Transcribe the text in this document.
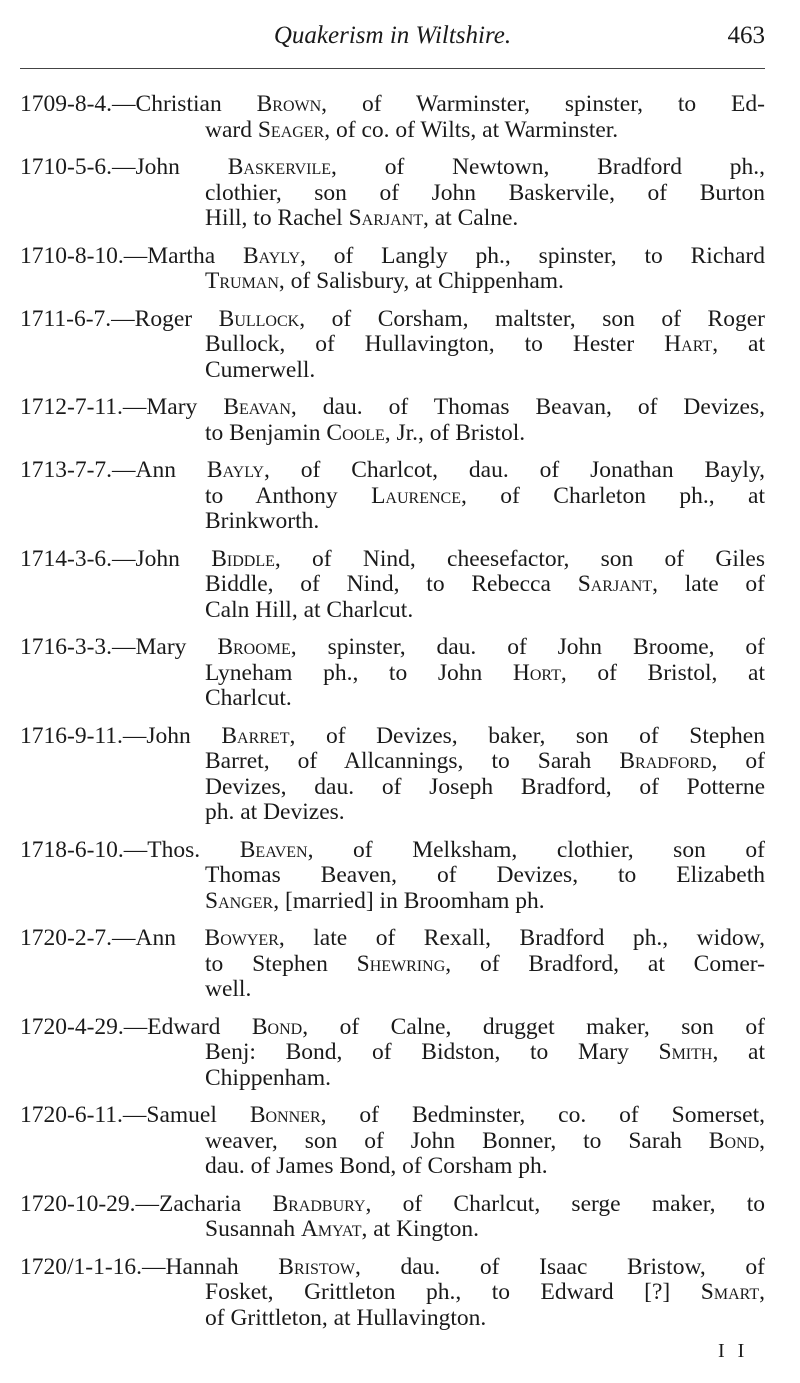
Quakerism in Wiltshire.	463
1709-8-4.—Christian Brown, of Warminster, spinster, to Ed-
ward Seager, of co. of Wilts, at Warminster.
1710-5-6.—John Baskervile, of Newtown, Bradford ph.,
clothier, son of John Baskervile, of Burton
Hill, to Rachel Sarjant, at Calne.
1710-8-10.—Martha Bayly, of Langly ph., spinster, to Richard
Truman, of Salisbury, at Chippenham.
1711-6-7.—Roger Bullock, of Corsham, maltster, son of Roger
Bullock, of Hullavington, to Hester Hart, at
Cumerwell.
1712-7-11.—Mary Beavan, dau. of Thomas Beavan, of Devizes,
to Benjamin Coole, Jr., of Bristol.
1713-7-7.—Ann Bayly, of Charlcot, dau. of Jonathan Bayly,
to Anthony Laurence, of Charleton ph., at
Brinkworth.
1714-3-6.—John Biddle, of Nind, cheesefactor, son of Giles
Biddle, of Nind, to Rebecca Sarjant, late of
Caln Hill, at Charlcut.
1716-3-3.—Mary Broome, spinster, dau. of John Broome, of
Lyneham ph., to John Hort, of Bristol, at
Charlcut.
1716-9-11.—John Barret, of Devizes, baker, son of Stephen
Barret, of Allcannings, to Sarah Bradford, of
Devizes, dau. of Joseph Bradford, of Potterne
ph. at Devizes.
1718-6-10.—Thos. Beaven, of Melksham, clothier, son of
Thomas Beaven, of Devizes, to Elizabeth
Sanger, [married] in Broomham ph.
1720-2-7.—Ann Bowyer, late of Rexall, Bradford ph., widow,
to Stephen Shewring, of Bradford, at Comer-
well.
1720-4-29.—Edward Bond, of Calne, drugget maker, son of
Benj: Bond, of Bidston, to Mary Smith, at
Chippenham.
1720-6-11.—Samuel Bonner, of Bedminster, co. of Somerset,
weaver, son of John Bonner, to Sarah Bond,
dau. of James Bond, of Corsham ph.
1720-10-29.—Zacharia Bradbury, of Charlcut, serge maker, to
Susannah Amyat, at Kington.
1720/1-1-16.—Hannah Bristow, dau. of Isaac Bristow, of
Fosket, Grittleton ph., to Edward [?] Smart,
of Grittleton, at Hullavington.
I I
